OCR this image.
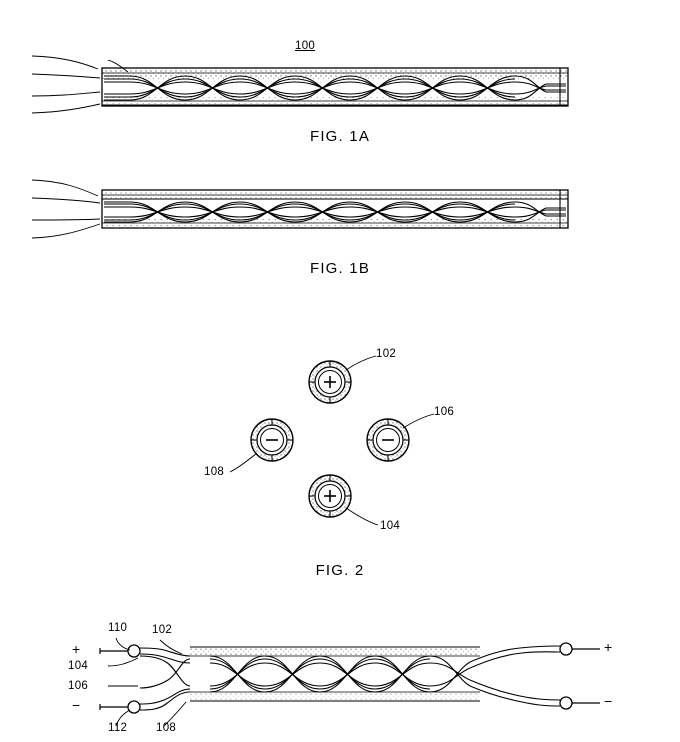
100
FIG. 1A
FIG. 1B
102
106
104
108
FIG. 2
110 102
104
106
112	108
+
−
+
−
